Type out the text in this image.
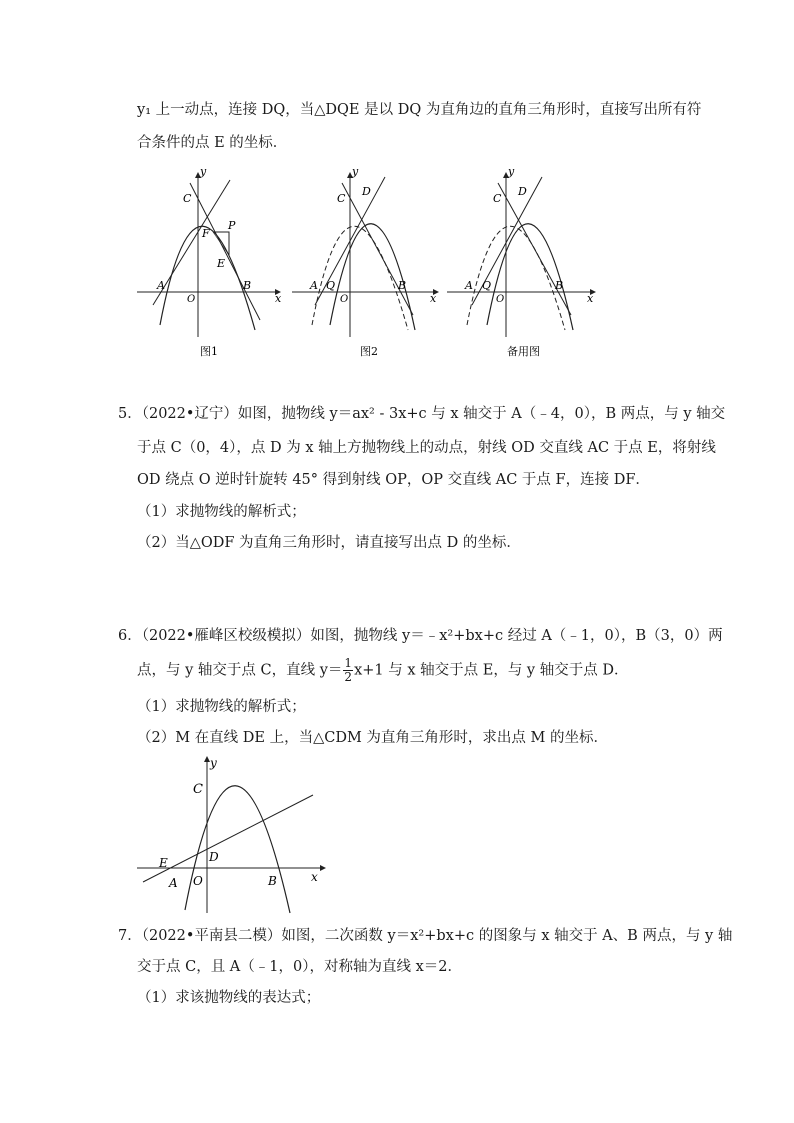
y₁ 上一动点，连接 DQ，当△DQE 是以 DQ 为直角边的直角三角形时，直接写出所有符
合条件的点 E 的坐标．
y
x
C
O
A	B
P
F
E
图1
y
x
C
D
O
A Q	B
图2
y
x
C
D
O
A Q	B
备用图
5．（2022•辽宁）如图，抛物线 y＝ax² - 3x+c 与 x 轴交于 A（﹣4，0），B 两点，与 y 轴交
于点 C（0，4），点 D 为 x 轴上方抛物线上的动点，射线 OD 交直线 AC 于点 E，将射线
OD 绕点 O 逆时针旋转 45° 得到射线 OP，OP 交直线 AC 于点 F，连接 DF．
（1）求抛物线的解析式；
（2）当△ODF 为直角三角形时，请直接写出点 D 的坐标．
6．（2022•雁峰区校级模拟）如图，抛物线 y＝﹣x²+bx+c 经过 A（﹣1，0），B（3，0）两
点，与 y 轴交于点 C，直线 $y= \frac{1}{2} x+1$ 与 x 轴交于点 E，与 y 轴交于点 D．
（1）求抛物线的解析式；
（2）M 在直线 DE 上，当△CDM 为直角三角形时，求出点 M 的坐标．
y
x
C
D
E
A O	B
7．（2022•平南县二模）如图，二次函数 y＝x²+bx+c 的图象与 x 轴交于 A、B 两点，与 y 轴
交于点 C，且 A（﹣1，0），对称轴为直线 x＝2．
（1）求该抛物线的表达式；
